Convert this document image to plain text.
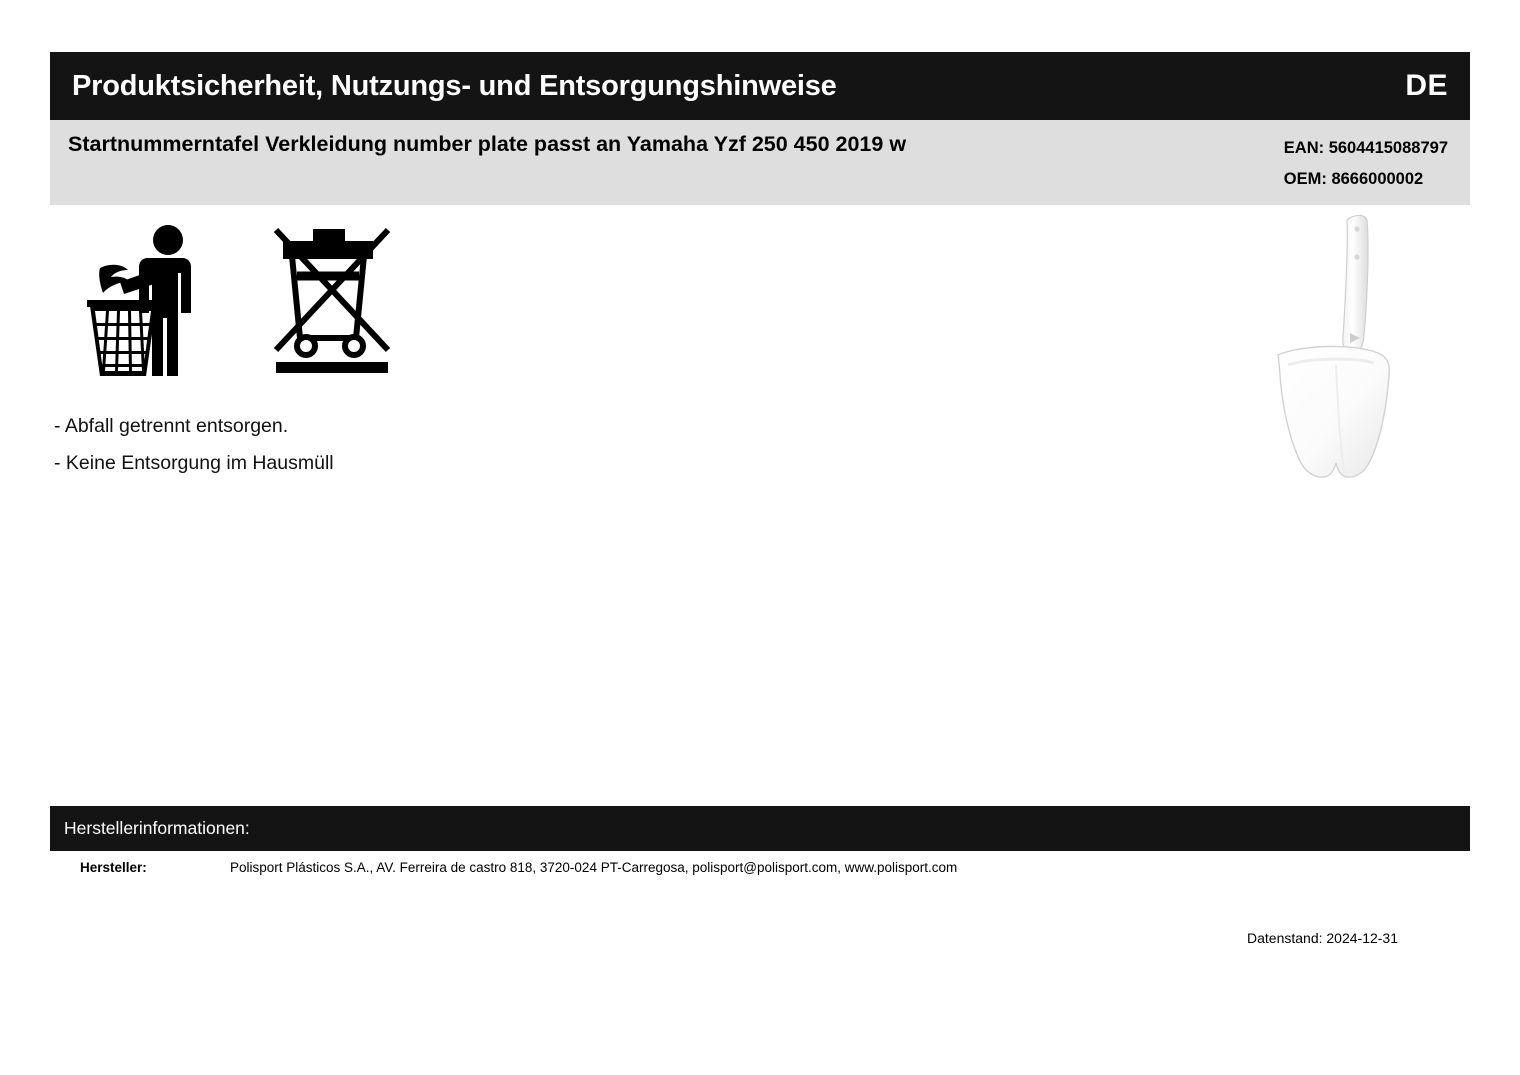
Produktsicherheit, Nutzungs- und Entsorgungshinweise	DE
Startnummerntafel Verkleidung number plate passt an Yamaha Yzf 250 450 2019 w	EAN: 5604415088797
OEM: 8666000002
- Abfall getrennt entsorgen.
- Keine Entsorgung im Hausmüll
Herstellerinformationen:
Hersteller:	Polisport Plásticos S.A., AV. Ferreira de castro 818, 3720-024 PT-Carregosa, polisport@polisport.com, www.polisport.com
Datenstand: 2024-12-31
